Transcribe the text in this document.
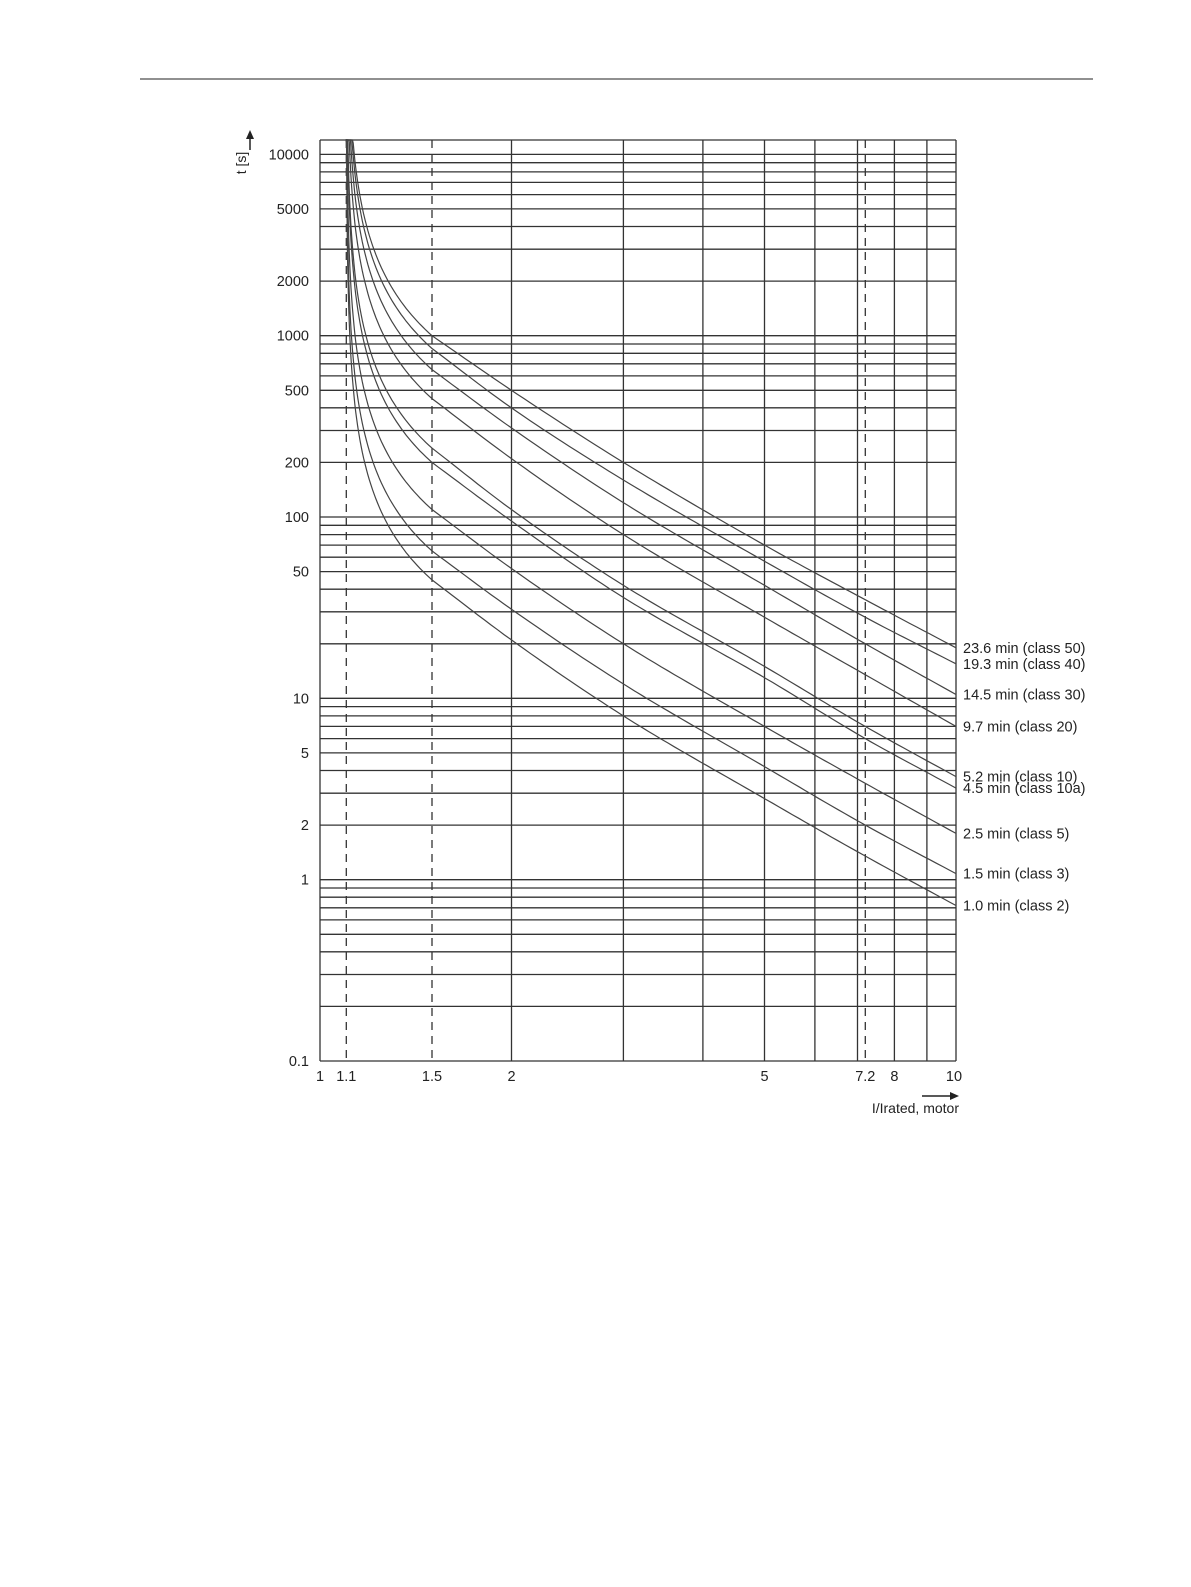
10000
5000
2000
1000
500
200
100
50
10
5
2
1
0.1
1 1.1	1.5	2	5	7.2 8	10
23.6 min (class 50)
19.3 min (class 40)
14.5 min (class 30)
9.7 min (class 20)
5.2 min (class 10)
4.5 min (class 10a)
2.5 min (class 5)
1.5 min (class 3)
1.0 min (class 2)
t [s]
I/Irated, motor
